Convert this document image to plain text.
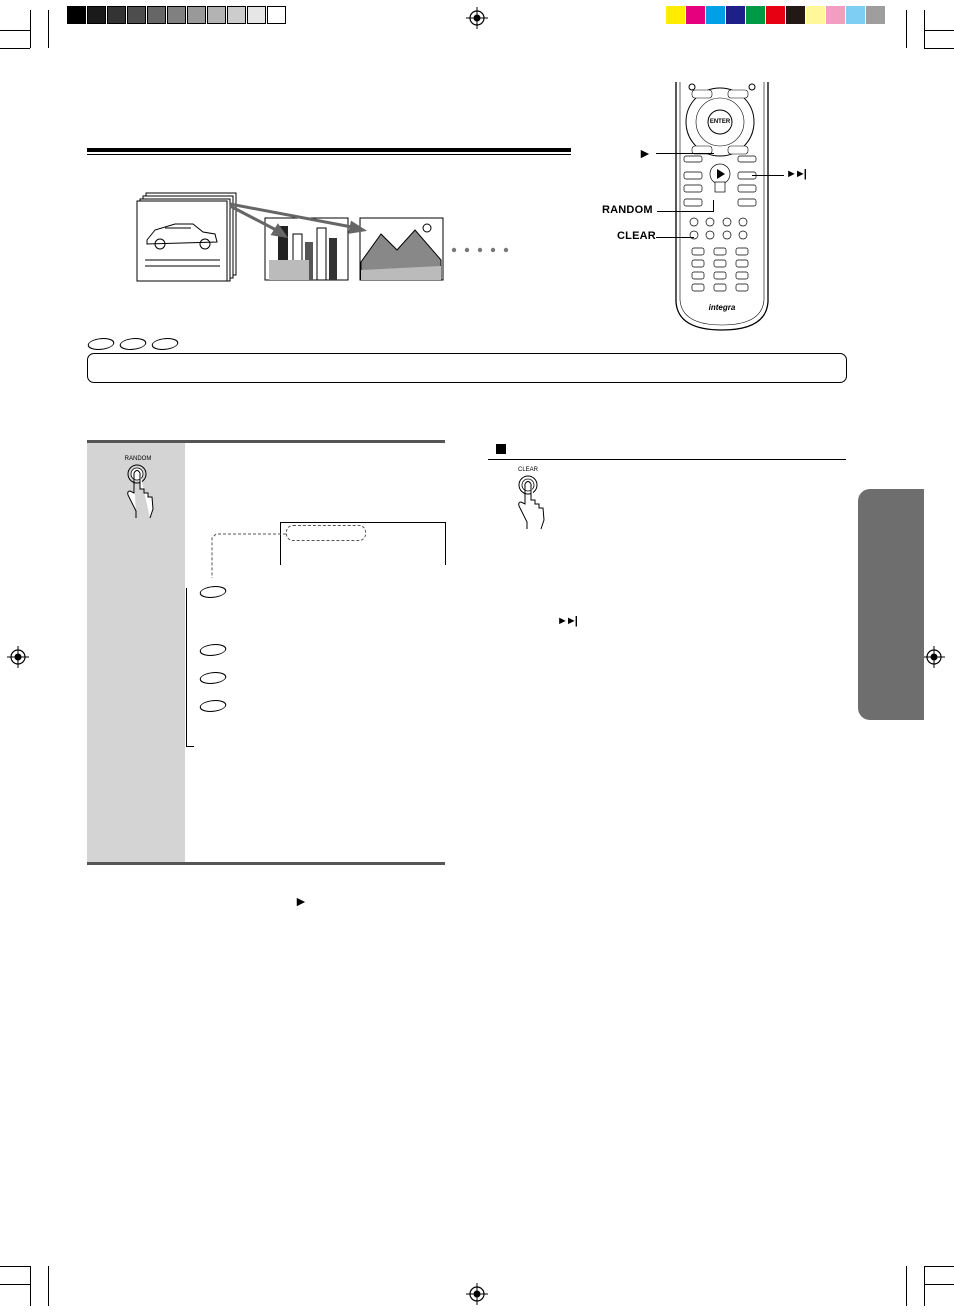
ENTER
integra
►
►►|
RANDOM
CLEAR
RANDOM
►
CLEAR
►►|
